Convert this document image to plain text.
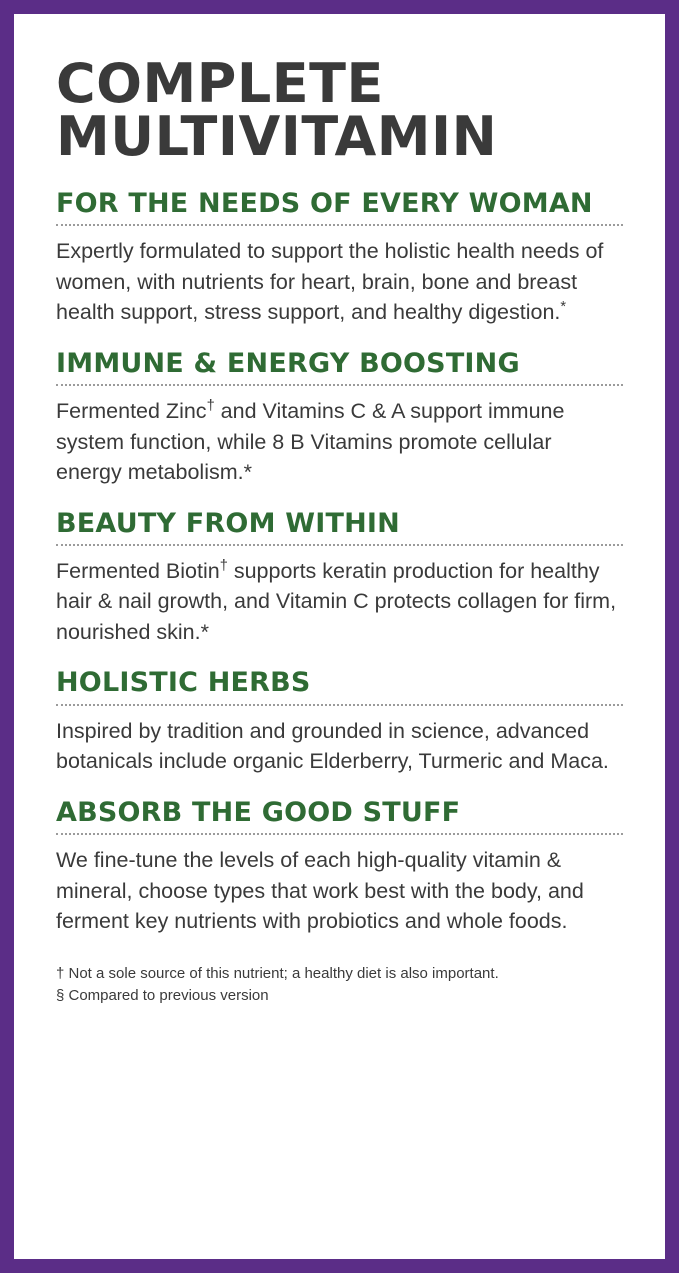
COMPLETE
MULTIVITAMIN
FOR THE NEEDS OF EVERY WOMAN

Expertly formulated to support the holistic health needs of women, with nutrients for heart, brain, bone and breast health support, stress support, and healthy digestion.*

IMMUNE & ENERGY BOOSTING

Fermented Zinc† and Vitamins C & A support immune system function, while 8 B Vitamins promote cellular energy metabolism.*

BEAUTY FROM WITHIN

Fermented Biotin† supports keratin production for healthy hair & nail growth, and Vitamin C protects collagen for firm, nourished skin.*

HOLISTIC HERBS

Inspired by tradition and grounded in science, advanced botanicals include organic Elderberry, Turmeric and Maca.

ABSORB THE GOOD STUFF

We fine-tune the levels of each high-quality vitamin & mineral, choose types that work best with the body, and ferment key nutrients with probiotics and whole foods.

† Not a sole source of this nutrient; a healthy diet is also important.

§ Compared to previous version
